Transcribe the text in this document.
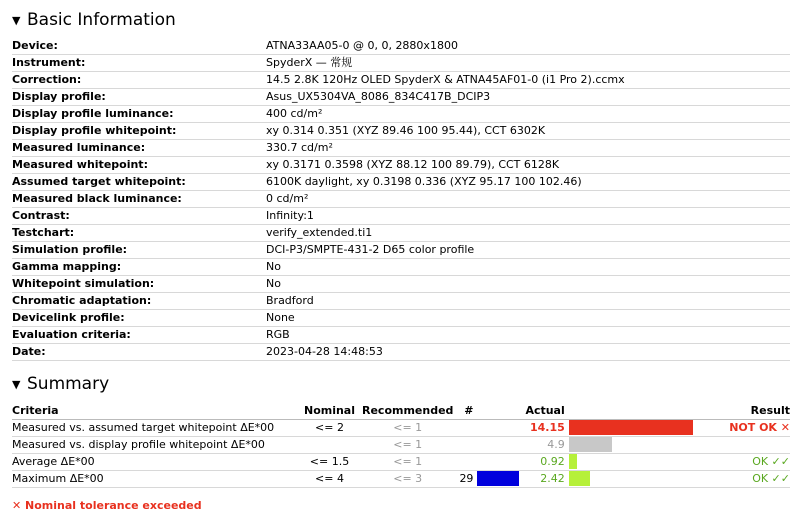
▼ Basic Information
Device:	ATNA33AA05-0 @ 0, 0, 2880x1800
Instrument:	SpyderX — 常规
Correction:	14.5 2.8K 120Hz OLED SpyderX & ATNA45AF01-0 (i1 Pro 2).ccmx
Display profile:	Asus_UX5304VA_8086_834C417B_DCIP3
Display profile luminance:	400 cd/m²
Display profile whitepoint:	xy 0.314 0.351 (XYZ 89.46 100 95.44), CCT 6302K
Measured luminance:	330.7 cd/m²
Measured whitepoint:	xy 0.3171 0.3598 (XYZ 88.12 100 89.79), CCT 6128K
Assumed target whitepoint:	6100K daylight, xy 0.3198 0.336 (XYZ 95.17 100 102.46)
Measured black luminance:	0 cd/m²
Contrast:	Infinity:1
Testchart:	verify_extended.ti1
Simulation profile:	DCI-P3/SMPTE-431-2 D65 color profile
Gamma mapping:	No
Whitepoint simulation:	No
Chromatic adaptation:	Bradford
Devicelink profile:	None
Evaluation criteria:	RGB
Date:	2023-04-28 14:48:53
▼ Summary
Criteria	Nominal	Recommended	#		Actual		Result
Measured vs. assumed target whitepoint ΔE*00	<= 2	<= 1			14.15		NOT OK ✕
Measured vs. display profile whitepoint ΔE*00		<= 1			4.9	

Average ΔE*00	<= 1.5	<= 1			0.92		OK ✓✓
Maximum ΔE*00	<= 4	<= 3	29		2.42		OK ✓✓
✕ Nominal tolerance exceeded
